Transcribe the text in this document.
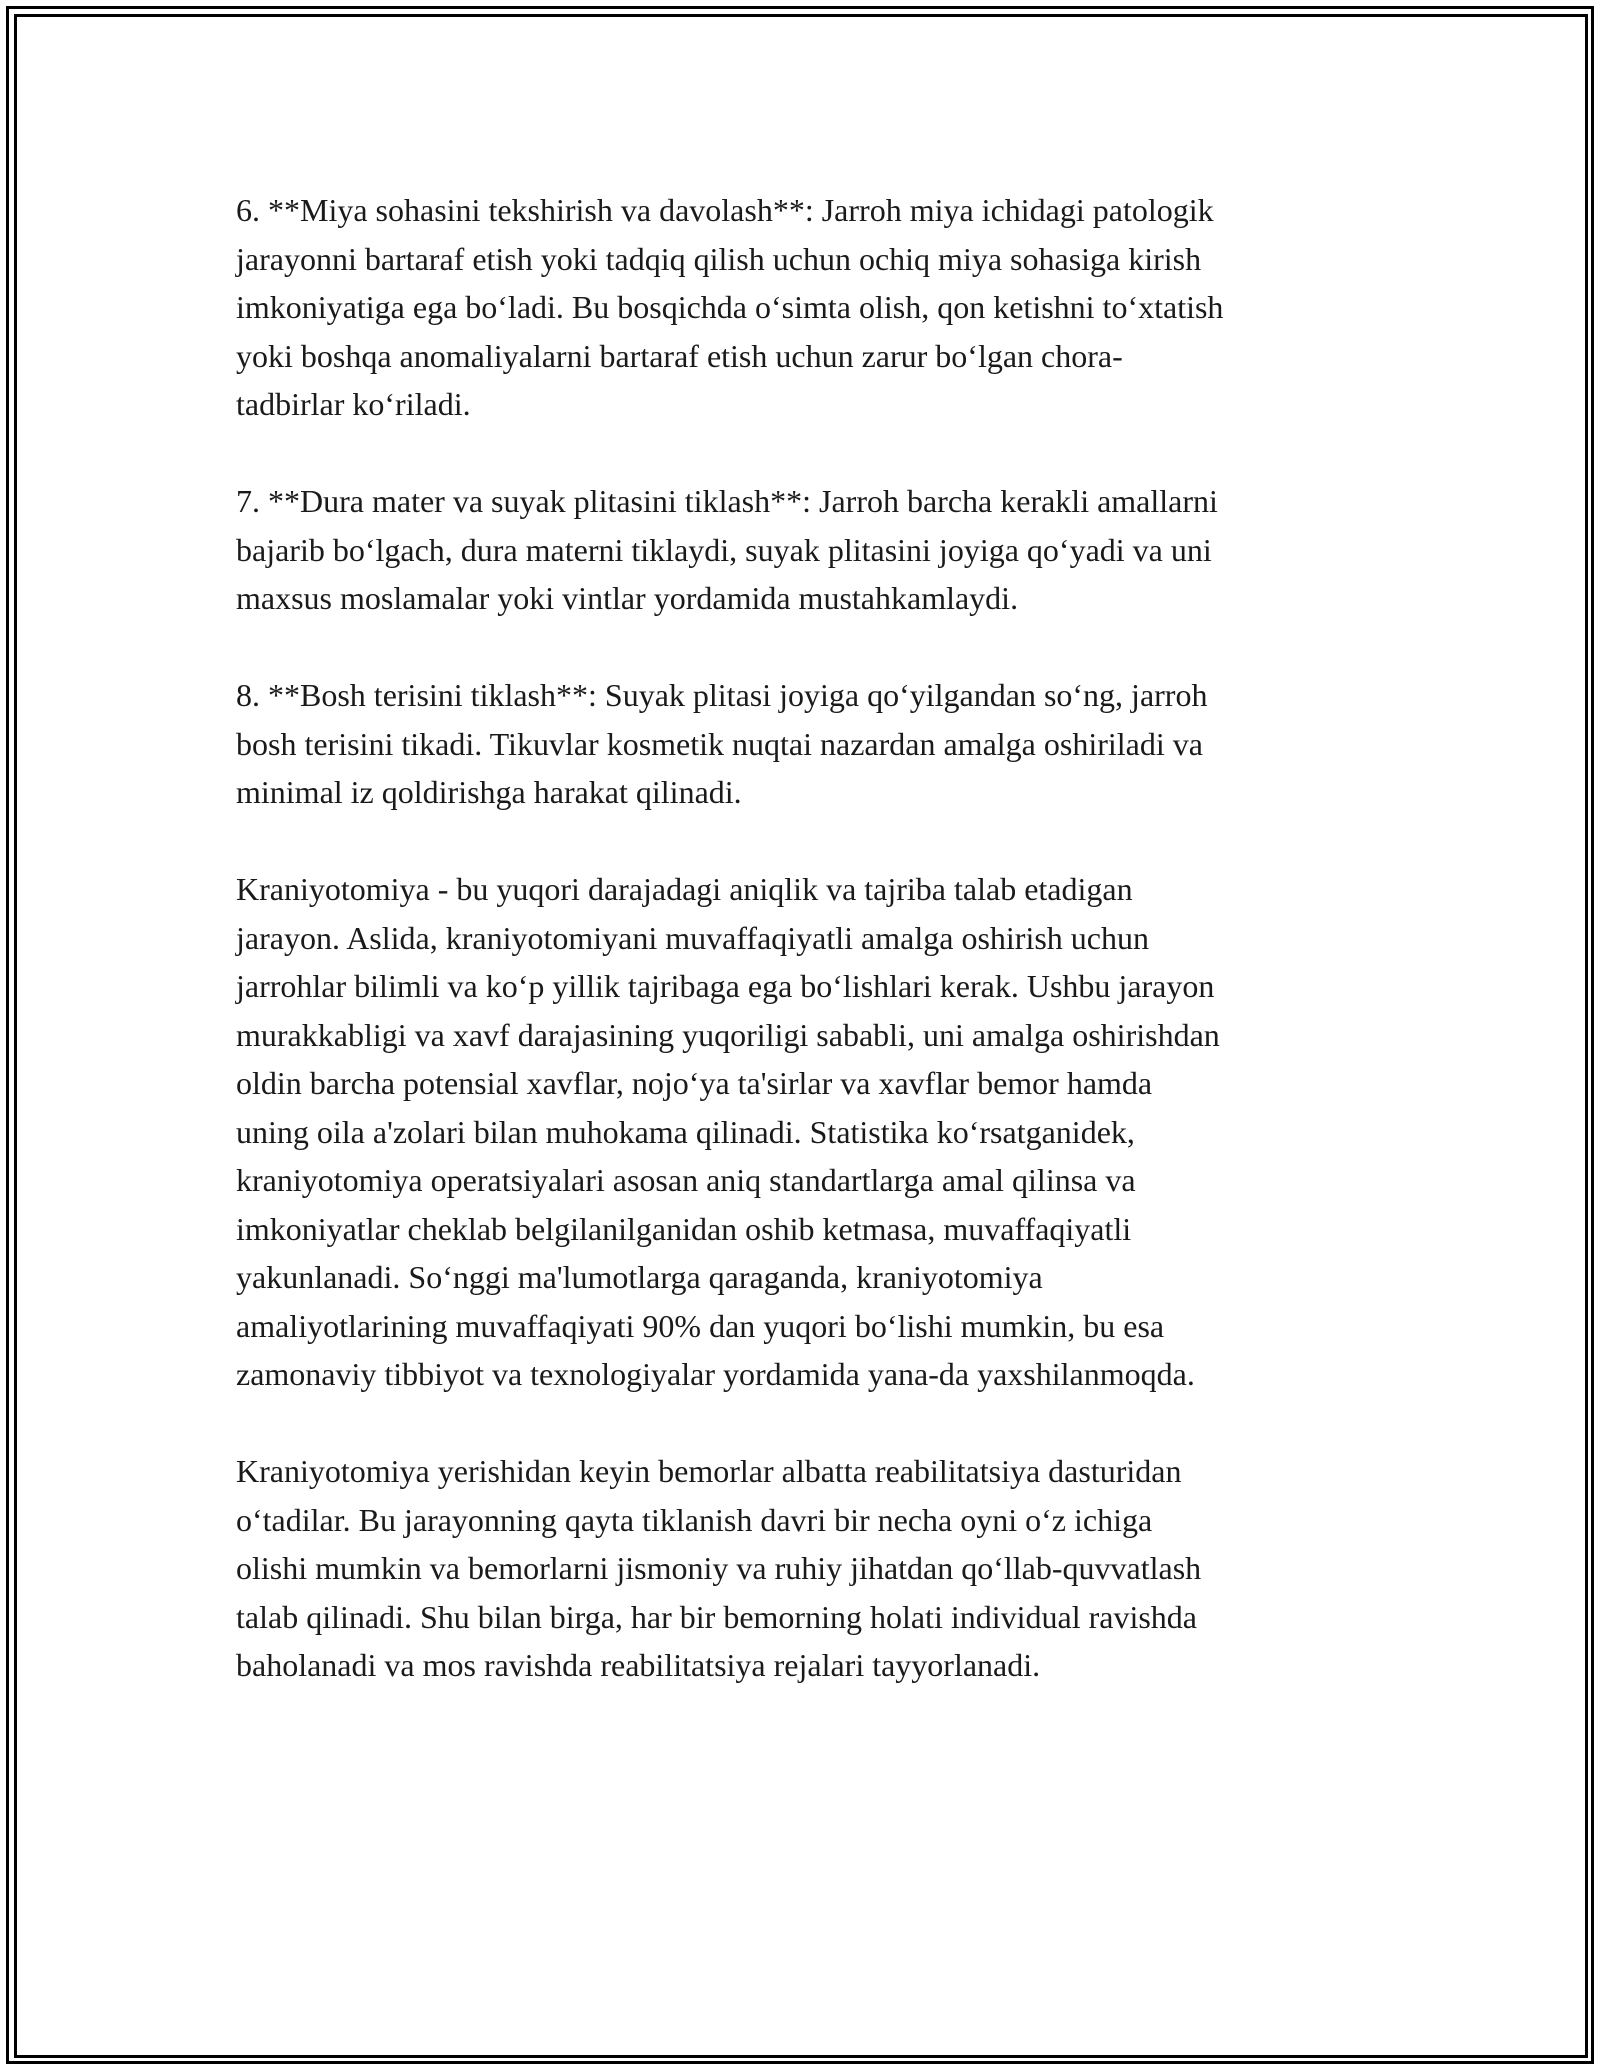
6. **Miya sohasini tekshirish va davolash**: Jarroh miya ichidagi patologik
jarayonni bartaraf etish yoki tadqiq qilish uchun ochiq miya sohasiga kirish
imkoniyatiga ega bo‘ladi. Bu bosqichda o‘simta olish, qon ketishni to‘xtatish
yoki boshqa anomaliyalarni bartaraf etish uchun zarur bo‘lgan chora-
tadbirlar ko‘riladi.

7. **Dura mater va suyak plitasini tiklash**: Jarroh barcha kerakli amallarni
bajarib bo‘lgach, dura materni tiklaydi, suyak plitasini joyiga qo‘yadi va uni
maxsus moslamalar yoki vintlar yordamida mustahkamlaydi.

8. **Bosh terisini tiklash**: Suyak plitasi joyiga qo‘yilgandan so‘ng, jarroh
bosh terisini tikadi. Tikuvlar kosmetik nuqtai nazardan amalga oshiriladi va
minimal iz qoldirishga harakat qilinadi.

Kraniyotomiya - bu yuqori darajadagi aniqlik va tajriba talab etadigan
jarayon. Aslida, kraniyotomiyani muvaffaqiyatli amalga oshirish uchun
jarrohlar bilimli va ko‘p yillik tajribaga ega bo‘lishlari kerak. Ushbu jarayon
murakkabligi va xavf darajasining yuqoriligi sababli, uni amalga oshirishdan
oldin barcha potensial xavflar, nojo‘ya ta'sirlar va xavflar bemor hamda
uning oila a'zolari bilan muhokama qilinadi. Statistika ko‘rsatganidek,
kraniyotomiya operatsiyalari asosan aniq standartlarga amal qilinsa va
imkoniyatlar cheklab belgilanilganidan oshib ketmasa, muvaffaqiyatli
yakunlanadi. So‘nggi ma'lumotlarga qaraganda, kraniyotomiya
amaliyotlarining muvaffaqiyati 90% dan yuqori bo‘lishi mumkin, bu esa
zamonaviy tibbiyot va texnologiyalar yordamida yana-da yaxshilanmoqda.

Kraniyotomiya yerishidan keyin bemorlar albatta reabilitatsiya dasturidan
o‘tadilar. Bu jarayonning qayta tiklanish davri bir necha oyni o‘z ichiga
olishi mumkin va bemorlarni jismoniy va ruhiy jihatdan qo‘llab-quvvatlash
talab qilinadi. Shu bilan birga, har bir bemorning holati individual ravishda
baholanadi va mos ravishda reabilitatsiya rejalari tayyorlanadi.
